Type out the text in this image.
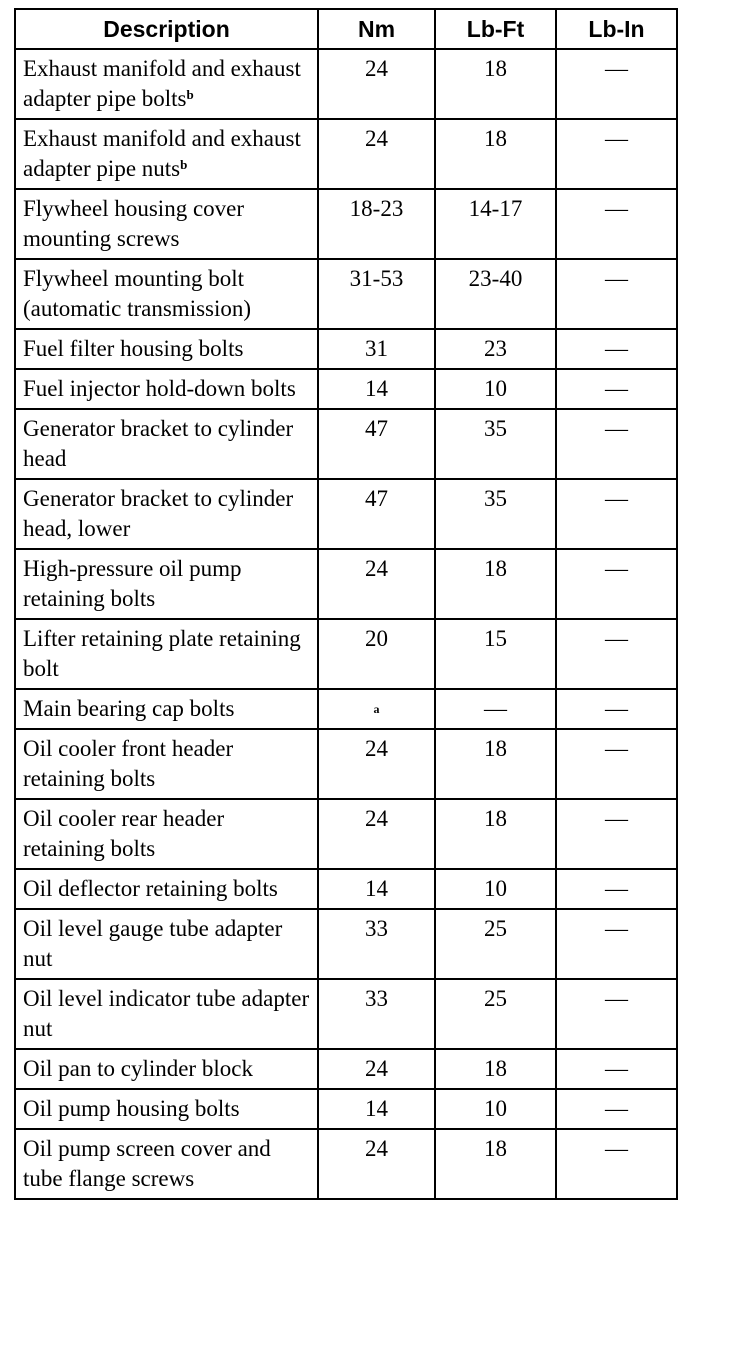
Description	Nm	Lb-Ft	Lb-In
Exhaust manifold and exhaust adapter pipe bolts$^b$	24	18	—
Exhaust manifold and exhaust adapter pipe nuts$^b$	24	18	—
Flywheel housing cover mounting screws	18-23	14-17	—
Flywheel mounting bolt (automatic transmission)	31-53	23-40	—
Fuel filter housing bolts	31	23	—
Fuel injector hold-down bolts	14	10	—
Generator bracket to cylinder head	47	35	—
Generator bracket to cylinder head, lower	47	35	—
High-pressure oil pump retaining bolts	24	18	—
Lifter retaining plate retaining bolt	20	15	—
Main bearing cap bolts	a	—	—
Oil cooler front header retaining bolts	24	18	—
Oil cooler rear header retaining bolts	24	18	—
Oil deflector retaining bolts	14	10	—
Oil level gauge tube adapter nut	33	25	—
Oil level indicator tube adapter nut	33	25	—
Oil pan to cylinder block	24	18	—
Oil pump housing bolts	14	10	—
Oil pump screen cover and tube flange screws	24	18	—
